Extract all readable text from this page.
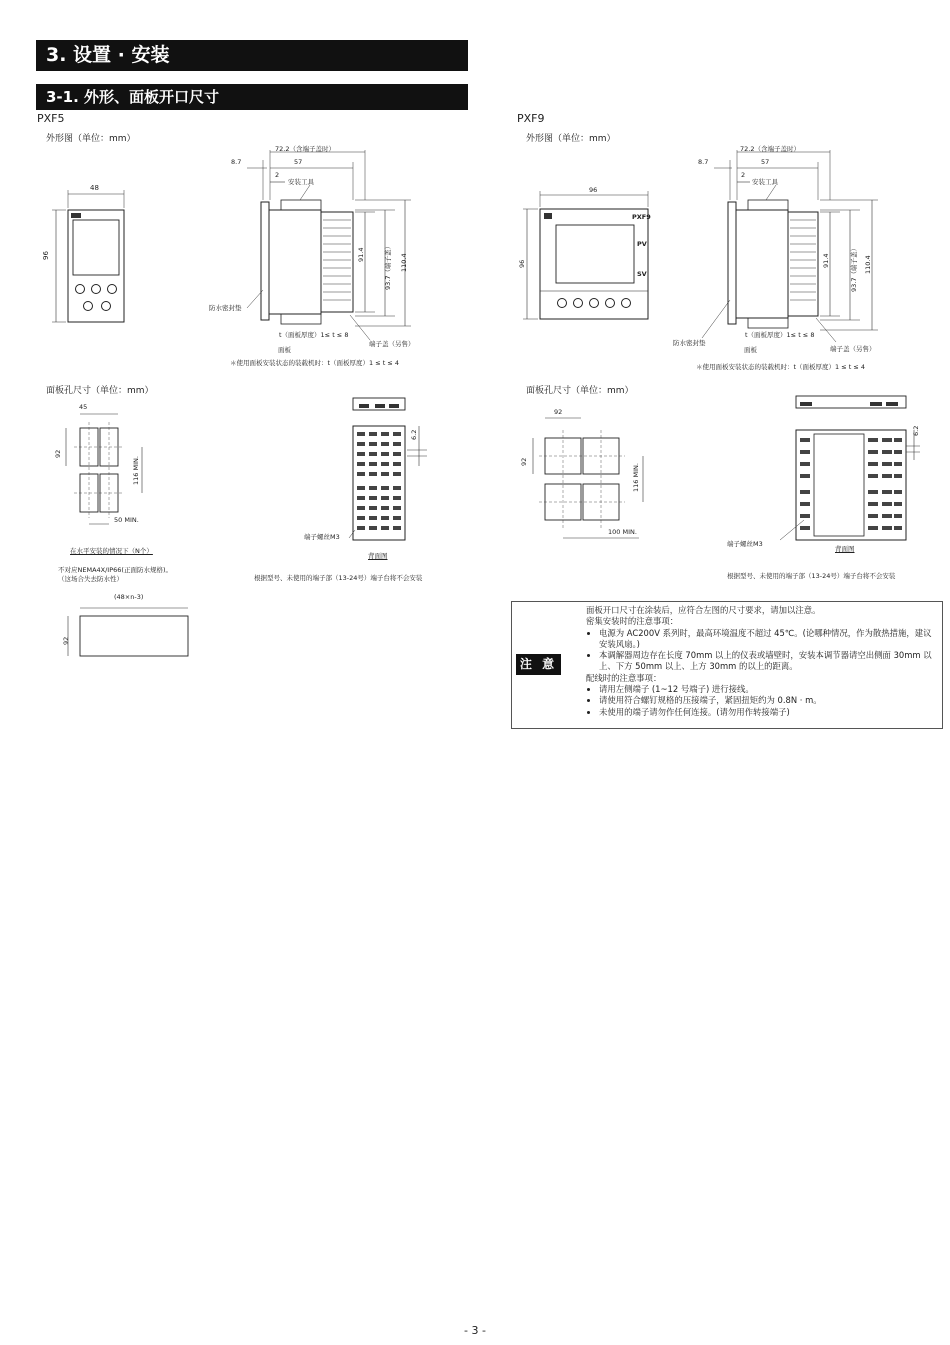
3. 设置 · 安装
3-1. 外形、面板开口尺寸
PXF5
外形图（单位：mm）
48
96
72.2（含端子盖时）
8.7	57
2
安装工具
91.4	93.7（端子盖） 110.4
防水密封垫
t（面板厚度）1≤ t ≤ 8
面板
端子盖（另售）
＊使用面板安装状态的装载机时：t（面板厚度）1 ≤ t ≤ 4
面板孔尺寸（单位：mm）
45
92
116 MIN.
50 MIN.
在水平安装的情况下（N个）
不对应NEMA4X/IP66(正面防水规格)。
（这场合失去防水性）
(48×n-3)
92
6.2
端子螺丝M3
背面图
根据型号、未使用的端子部（13-24号）端子台将不会安装
PXF9
外形图（单位：mm）
96
96
PXF9
PV
SV
72.2（含端子盖时）
8.7	57
2
安装工具
91.4	93.7（端子盖） 110.4
防水密封垫
t（面板厚度）1≤ t ≤ 8
面板	端子盖（另售）
＊使用面板安装状态的装载机时：t（面板厚度）1 ≤ t ≤ 4
面板孔尺寸（单位：mm）
92
92
116 MIN.
100 MIN.
6.2
端子螺丝M3
背面图
根据型号、未使用的端子部（13-24号）端子台将不会安装
注 意

面板开口尺寸在涂装后，应符合左图的尺寸要求，请加以注意。

密集安装时的注意事项：

• 电源为 AC200V 系列时，最高环境温度不超过 45℃。(论哪种情况，作为散热措施，建议安装风扇。)
• 本调解器周边存在长度 70mm 以上的仪表或墙壁时，安装本调节器请空出侧面 30mm 以上、下方 50mm 以上、上方 30mm 的以上的距离。

配线时的注意事项：

• 请用左侧端子 (1~12 号端子) 进行接线。
• 请使用符合螺钉规格的压接端子，紧固扭矩约为 0.8N · m。
• 未使用的端子请勿作任何连接。(请勿用作转接端子)
- 3 -
